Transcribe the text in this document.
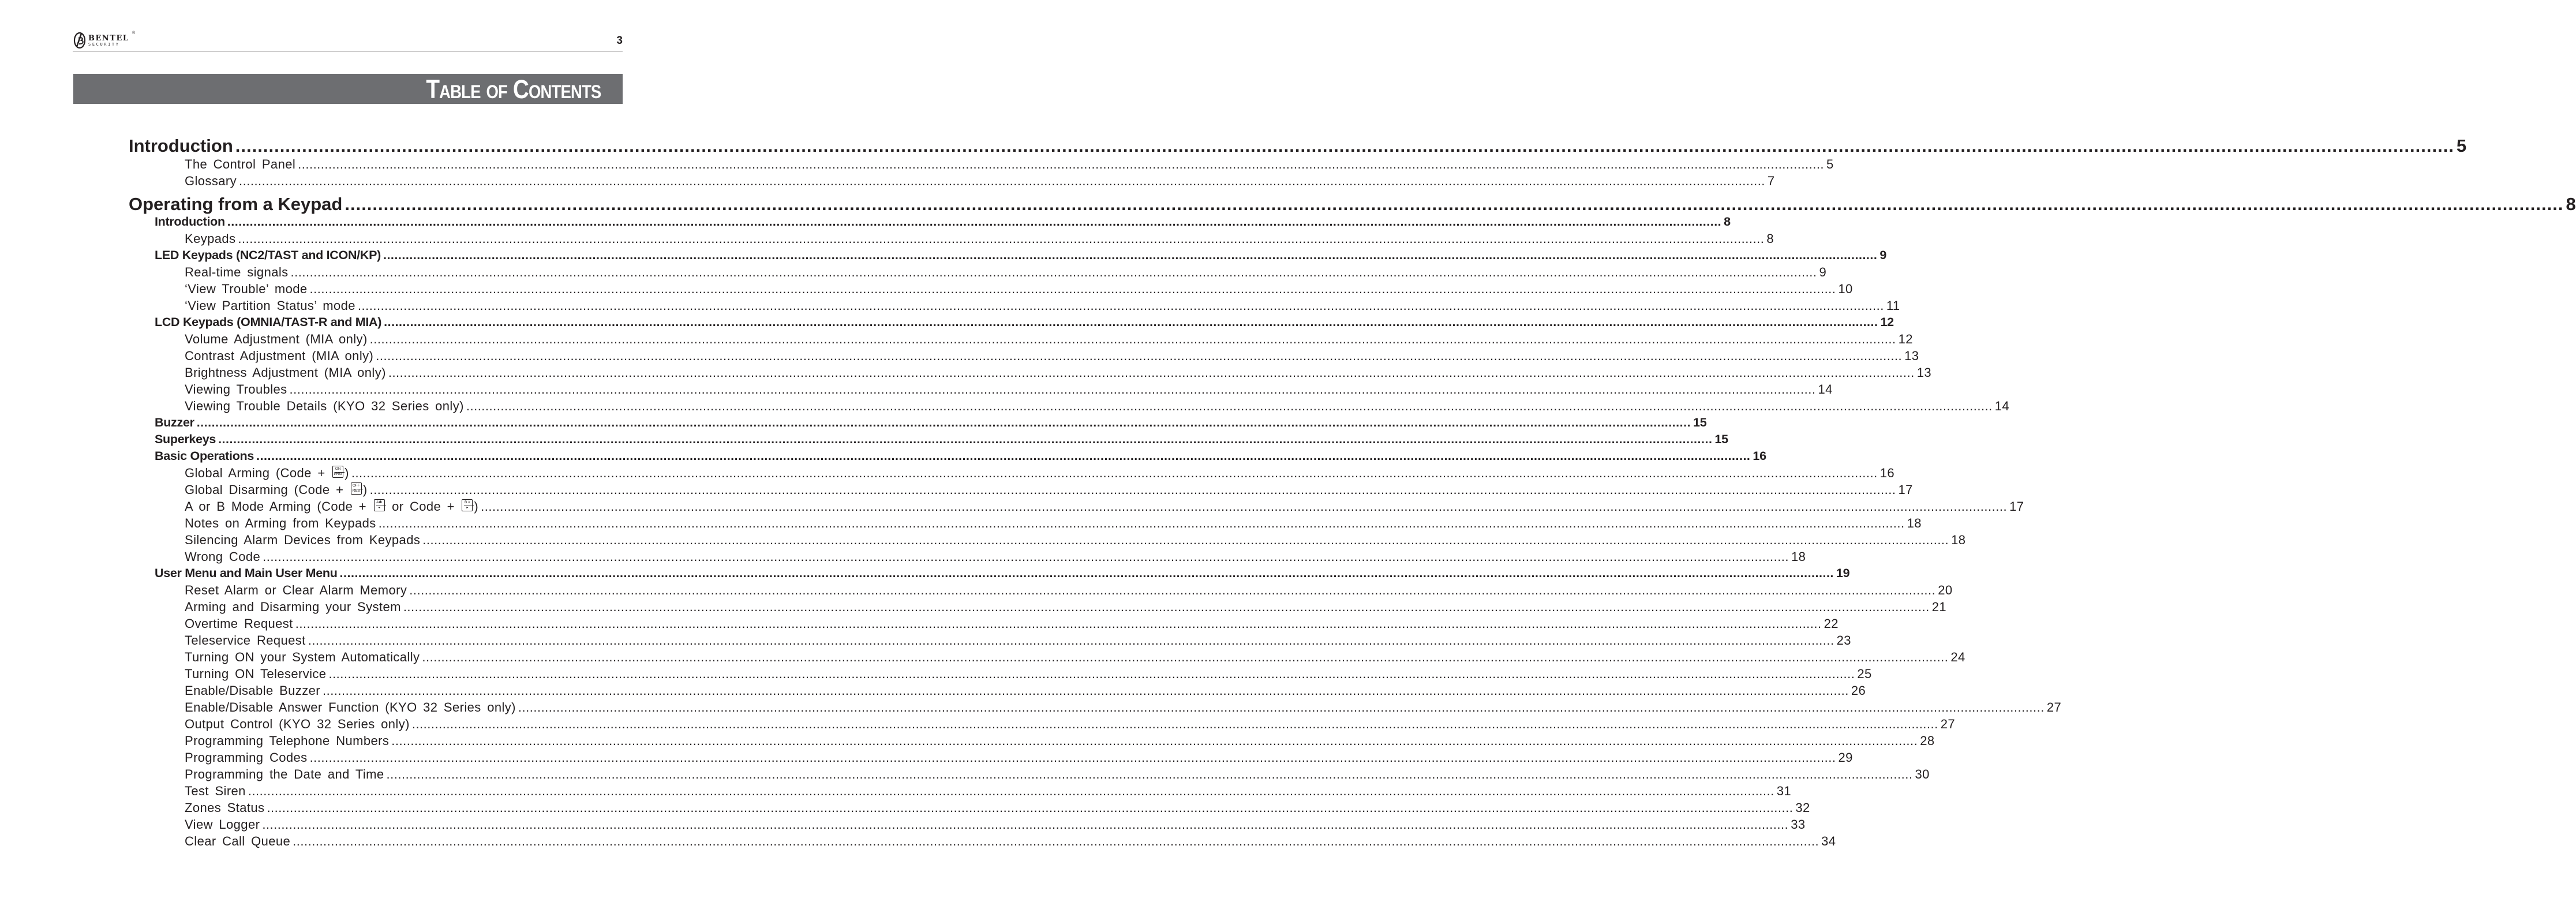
BENTEL
SECURITY
®
3
Table of Contents
Introduction ................................................................................................................................................................................................................................................................................................................................................................................................................ 5
The Control Panel ................................................................................................................................................................................................................................................................................................................................................................................................................ 5
Glossary ................................................................................................................................................................................................................................................................................................................................................................................................................ 7
Operating from a Keypad ................................................................................................................................................................................................................................................................................................................................................................................................................ 8
Introduction ................................................................................................................................................................................................................................................................................................................................................................................................................ 8
Keypads ................................................................................................................................................................................................................................................................................................................................................................................................................ 8
LED Keypads (NC2/TAST and ICON/KP) ................................................................................................................................................................................................................................................................................................................................................................................................................ 9
Real-time signals ................................................................................................................................................................................................................................................................................................................................................................................................................ 9
‘View Trouble’ mode ................................................................................................................................................................................................................................................................................................................................................................................................................ 10
‘View Partition Status’ mode ................................................................................................................................................................................................................................................................................................................................................................................................................ 11
LCD Keypads (OMNIA/TAST-R and MIA) ................................................................................................................................................................................................................................................................................................................................................................................................................ 12
Volume Adjustment (MIA only) ................................................................................................................................................................................................................................................................................................................................................................................................................ 12
Contrast Adjustment (MIA only) ................................................................................................................................................................................................................................................................................................................................................................................................................ 13
Brightness Adjustment (MIA only) ................................................................................................................................................................................................................................................................................................................................................................................................................ 13
Viewing Troubles ................................................................................................................................................................................................................................................................................................................................................................................................................ 14
Viewing Trouble Details (KYO 32 Series only) ................................................................................................................................................................................................................................................................................................................................................................................................................ 14
Buzzer ................................................................................................................................................................................................................................................................................................................................................................................................................ 15
Superkeys ................................................................................................................................................................................................................................................................................................................................................................................................................ 15
Basic Operations ................................................................................................................................................................................................................................................................................................................................................................................................................ 16
Global Arming (Code +	ON
PRG ) ................................................................................................................................................................................................................................................................................................................................................................................................................ 16
Global Disarming (Code +	OFF
RES ) ................................................................................................................................................................................................................................................................................................................................................................................................................ 17
A or B Mode Arming (Code +	A✱
◂ or Code +	B #
▸ ) ................................................................................................................................................................................................................................................................................................................................................................................................................ 17
Notes on Arming from Keypads ................................................................................................................................................................................................................................................................................................................................................................................................................ 18
Silencing Alarm Devices from Keypads ................................................................................................................................................................................................................................................................................................................................................................................................................ 18
Wrong Code ................................................................................................................................................................................................................................................................................................................................................................................................................ 18
User Menu and Main User Menu ................................................................................................................................................................................................................................................................................................................................................................................................................ 19
Reset Alarm or Clear Alarm Memory ................................................................................................................................................................................................................................................................................................................................................................................................................ 20
Arming and Disarming your System ................................................................................................................................................................................................................................................................................................................................................................................................................ 21
Overtime Request ................................................................................................................................................................................................................................................................................................................................................................................................................ 22
Teleservice Request ................................................................................................................................................................................................................................................................................................................................................................................................................ 23
Turning ON your System Automatically ................................................................................................................................................................................................................................................................................................................................................................................................................ 24
Turning ON Teleservice ................................................................................................................................................................................................................................................................................................................................................................................................................ 25
Enable/Disable Buzzer ................................................................................................................................................................................................................................................................................................................................................................................................................ 26
Enable/Disable Answer Function (KYO 32 Series only) ................................................................................................................................................................................................................................................................................................................................................................................................................ 27
Output Control (KYO 32 Series only) ................................................................................................................................................................................................................................................................................................................................................................................................................ 27
Programming Telephone Numbers ................................................................................................................................................................................................................................................................................................................................................................................................................ 28
Programming Codes ................................................................................................................................................................................................................................................................................................................................................................................................................ 29
Programming the Date and Time ................................................................................................................................................................................................................................................................................................................................................................................................................ 30
Test Siren ................................................................................................................................................................................................................................................................................................................................................................................................................ 31
Zones Status ................................................................................................................................................................................................................................................................................................................................................................................................................ 32
View Logger ................................................................................................................................................................................................................................................................................................................................................................................................................ 33
Clear Call Queue ................................................................................................................................................................................................................................................................................................................................................................................................................ 34
